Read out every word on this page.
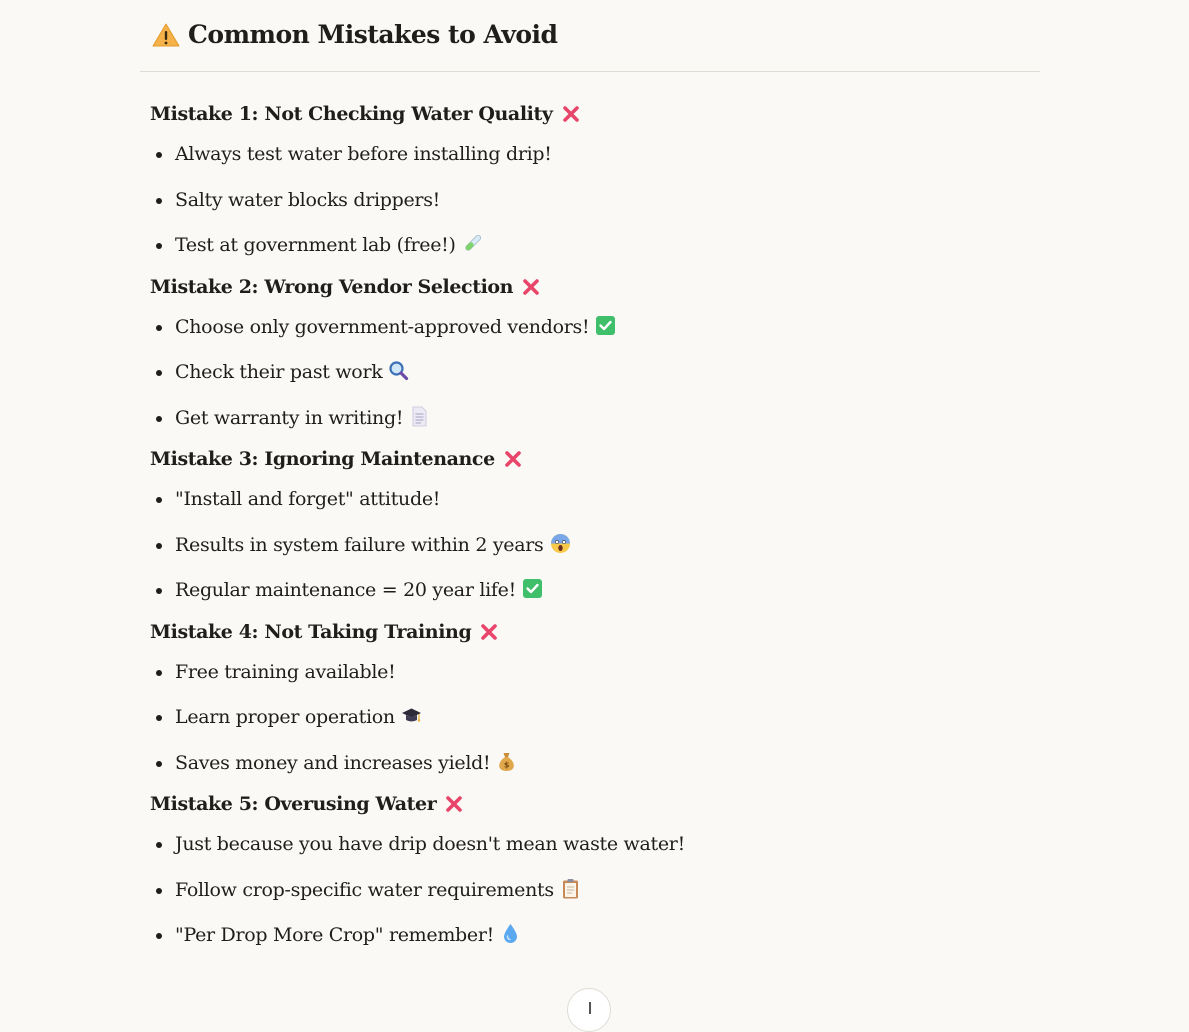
Common Mistakes to Avoid

Mistake 1: Not Checking Water Quality

Always test water before installing drip!
Salty water blocks drippers!
Test at government lab (free!)

Mistake 2: Wrong Vendor Selection

Choose only government-approved vendors!
Check their past work
Get warranty in writing!

Mistake 3: Ignoring Maintenance

"Install and forget" attitude!
Results in system failure within 2 years
Regular maintenance = 20 year life!

Mistake 4: Not Taking Training

Free training available!
Learn proper operation
Saves money and increases yield! $

Mistake 5: Overusing Water

Just because you have drip doesn't mean waste water!
Follow crop-specific water requirements
"Per Drop More Crop" remember!
